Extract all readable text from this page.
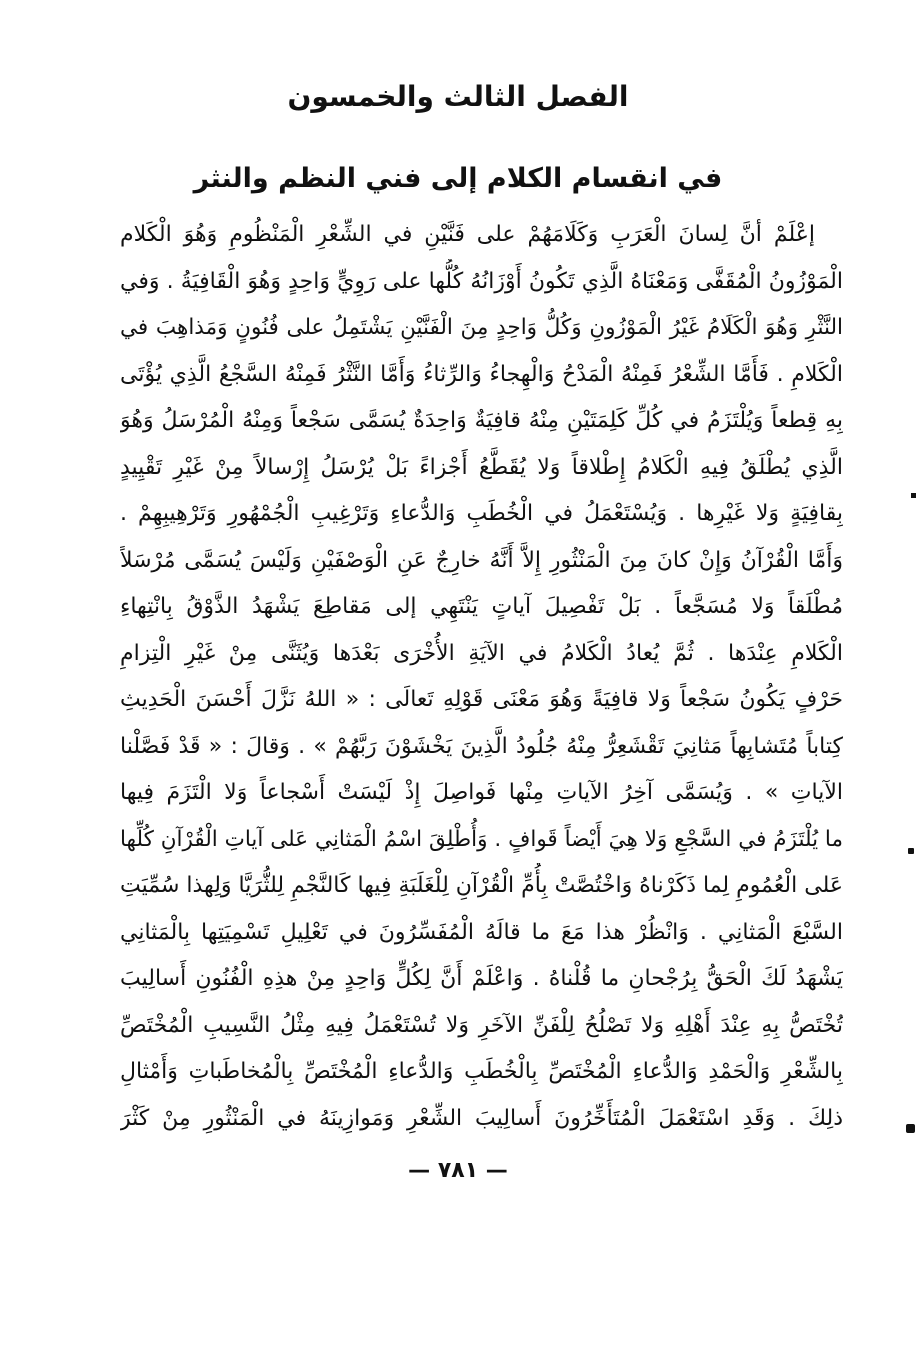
الفصل الثالث والخمسون
في انقسام الكلام إلى فني النظم والنثر
إعْلَمْ أنَّ لِسانَ الْعَرَبِ وَكَلَامَهُمْ على فَنَّيْنِ في الشِّعْرِ الْمَنْظُومِ وَهُوَ الْكَلام
الْمَوْزُونُ الْمُقَفَّى وَمَعْنَاهُ الَّذِي تَكُونُ أَوْزَانُهُ كُلُّها على رَوِيٍّ وَاحِدٍ وَهُوَ الْقَافِيَةُ . وَفي
النَّثْرِ وَهُوَ الْكَلَامُ غَيْرُ الْمَوْزُونِ وَكُلُّ وَاحِدٍ مِنَ الْفَنَّيْنِ يَشْتَمِلُ على فُنُونٍ وَمَذاهِبَ في
الْكَلامِ . فَأَمَّا الشِّعْرُ فَمِنْهُ الْمَدْحُ وَالْهِجاءُ وَالرِّثاءُ وَأَمَّا النَّثْرُ فَمِنْهُ السَّجْعُ الَّذِي يُؤْتَى
بِهِ قِطعاً وَيُلْتَزَمُ في كُلِّ كَلِمَتَيْنِ مِنْهُ قافِيَةٌ وَاحِدَةٌ يُسَمَّى سَجْعاً وَمِنْهُ الْمُرْسَلُ وَهُوَ
الَّذِي يُطْلَقُ فِيهِ الْكَلامُ إِطْلاقاً وَلا يُقَطَّعُ أَجْزاءً بَلْ يُرْسَلُ إِرْسالاً مِنْ غَيْرِ تَقْيِيدٍ
بِقافِيَةٍ وَلا غَيْرِها . وَيُسْتَعْمَلُ في الْخُطَبِ وَالدُّعاءِ وَتَرْغِيبِ الْجُمْهُورِ وَتَرْهِيبِهِمْ .
وَأَمَّا الْقُرْآنُ وَإِنْ كانَ مِنَ الْمَنْثُورِ إِلاَّ أَنَّهُ خارِجٌ عَنِ الْوَصْفَيْنِ وَلَيْسَ يُسَمَّى مُرْسَلاً
مُطْلَقاً وَلا مُسَجَّعاً . بَلْ تَفْصِيلَ آياتٍ يَنْتَهِي إلى مَقاطِعَ يَشْهَدُ الذَّوْقُ بِانْتِهاءِ
الْكَلامِ عِنْدَها . ثُمَّ يُعادُ الْكَلامُ في الآيَةِ الأُخْرَى بَعْدَها وَيُثَنَّى مِنْ غَيْرِ الْتِزامِ
حَرْفٍ يَكُونُ سَجْعاً وَلا قافِيَةً وَهُوَ مَعْنَى قَوْلِهِ تَعالَى : « اللهُ نَزَّلَ أَحْسَنَ الْحَدِيثِ
كِتاباً مُتَشابِهاً مَثانِيَ تَقْشَعِرُّ مِنْهُ جُلُودُ الَّذِينَ يَخْشَوْنَ رَبَّهُمْ » . وَقالَ : « قَدْ فَصَّلْنا
الآياتِ » . وَيُسَمَّى آخِرُ الآياتِ مِنْها فَواصِلَ إِذْ لَيْسَتْ أَسْجاعاً وَلا الْتَزَمَ فِيها
ما يُلْتَزَمُ في السَّجْعِ وَلا هِيَ أَيْضاً قَوافٍ . وَأُطْلِقَ اسْمُ الْمَثانِي عَلى آياتِ الْقُرْآنِ كُلِّها
عَلى الْعُمُومِ لِما ذَكَرْناهُ وَاخْتُصَّتْ بِأُمِّ الْقُرْآنِ لِلْغَلَبَةِ فِيها كَالنَّجْمِ لِلثُّرَيَّا وَلِهذا سُمِّيَتِ
السَّبْعَ الْمَثانِي . وَانْظُرْ هذا مَعَ ما قالَهُ الْمُفَسِّرُونَ في تَعْلِيلِ تَسْمِيَتِها بِالْمَثانِي
يَشْهَدُ لَكَ الْحَقُّ بِرُجْحانِ ما قُلْناهُ . وَاعْلَمْ أَنَّ لِكُلٍّ وَاحِدٍ مِنْ هذِهِ الْفُنُونِ أَسالِيبَ
تُخْتَصُّ بِهِ عِنْدَ أَهْلِهِ وَلا تَصْلُحُ لِلْفَنِّ الآخَرِ وَلا تُسْتَعْمَلُ فِيهِ مِثْلُ النَّسِيبِ الْمُخْتَصِّ
بِالشِّعْرِ وَالْحَمْدِ وَالدُّعاءِ الْمُخْتَصِّ بِالْخُطَبِ وَالدُّعاءِ الْمُخْتَصِّ بِالْمُخاطَباتِ وَأَمْثالِ
ذلِكَ . وَقَدِ اسْتَعْمَلَ الْمُتَأَخِّرُونَ أَسالِيبَ الشِّعْرِ وَمَوازِينَهُ في الْمَنْثُورِ مِنْ كَثْرَ
— ٧٨١ —
